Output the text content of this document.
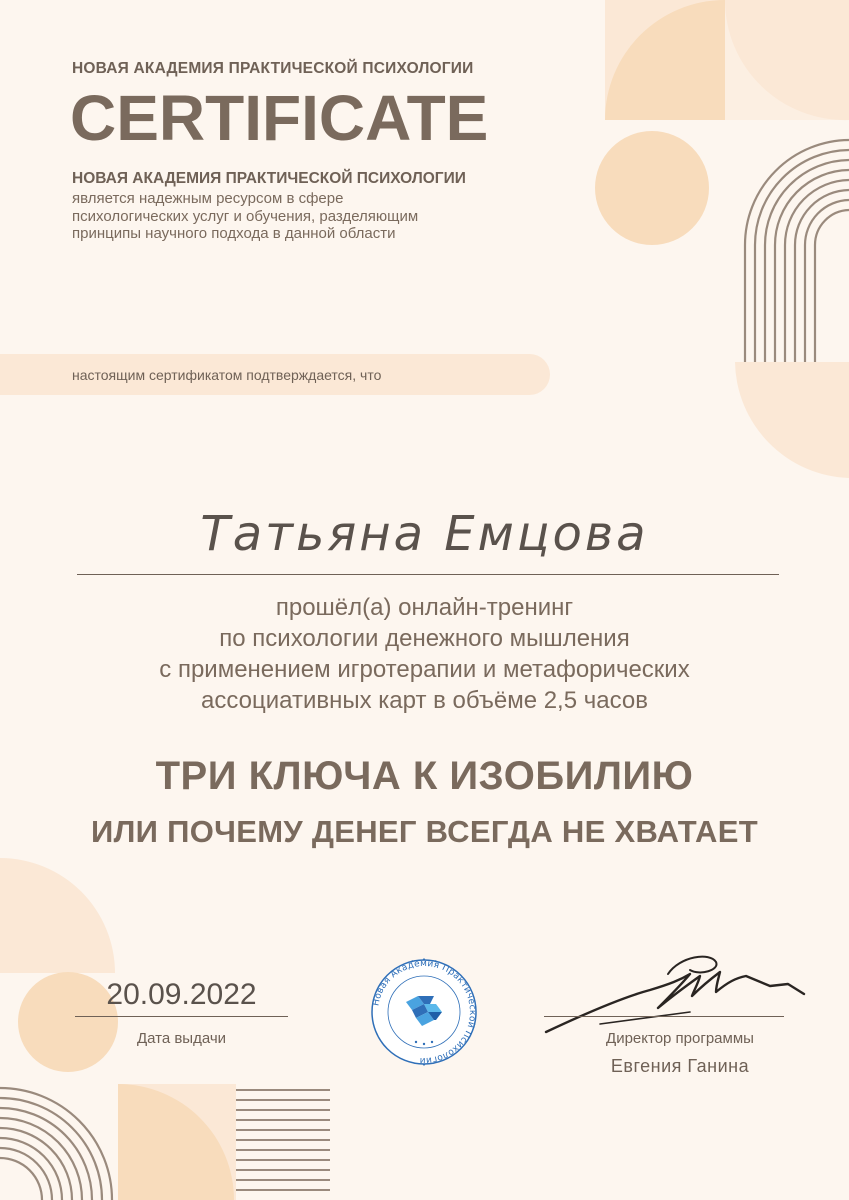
НОВАЯ АКАДЕМИЯ ПРАКТИЧЕСКОЙ ПСИХОЛОГИИ
CERTIFICATE
НОВАЯ АКАДЕМИЯ ПРАКТИЧЕСКОЙ ПСИХОЛОГИИ
является надежным ресурсом в сфере
психологических услуг и обучения, разделяющим
принципы научного подхода в данной области
настоящим сертификатом подтверждается, что
Татьяна Емцова
прошёл(а) онлайн-тренинг
по психологии денежного мышления
с применением игротерапии и метафорических
ассоциативных карт в объёме 2,5 часов
ТРИ КЛЮЧА К ИЗОБИЛИЮ
ИЛИ ПОЧЕМУ ДЕНЕГ ВСЕГДА НЕ ХВАТАЕТ
20.09.2022
Дата выдачи
Новая Академия Практической Психологии
Директор программы
Евгения Ганина
